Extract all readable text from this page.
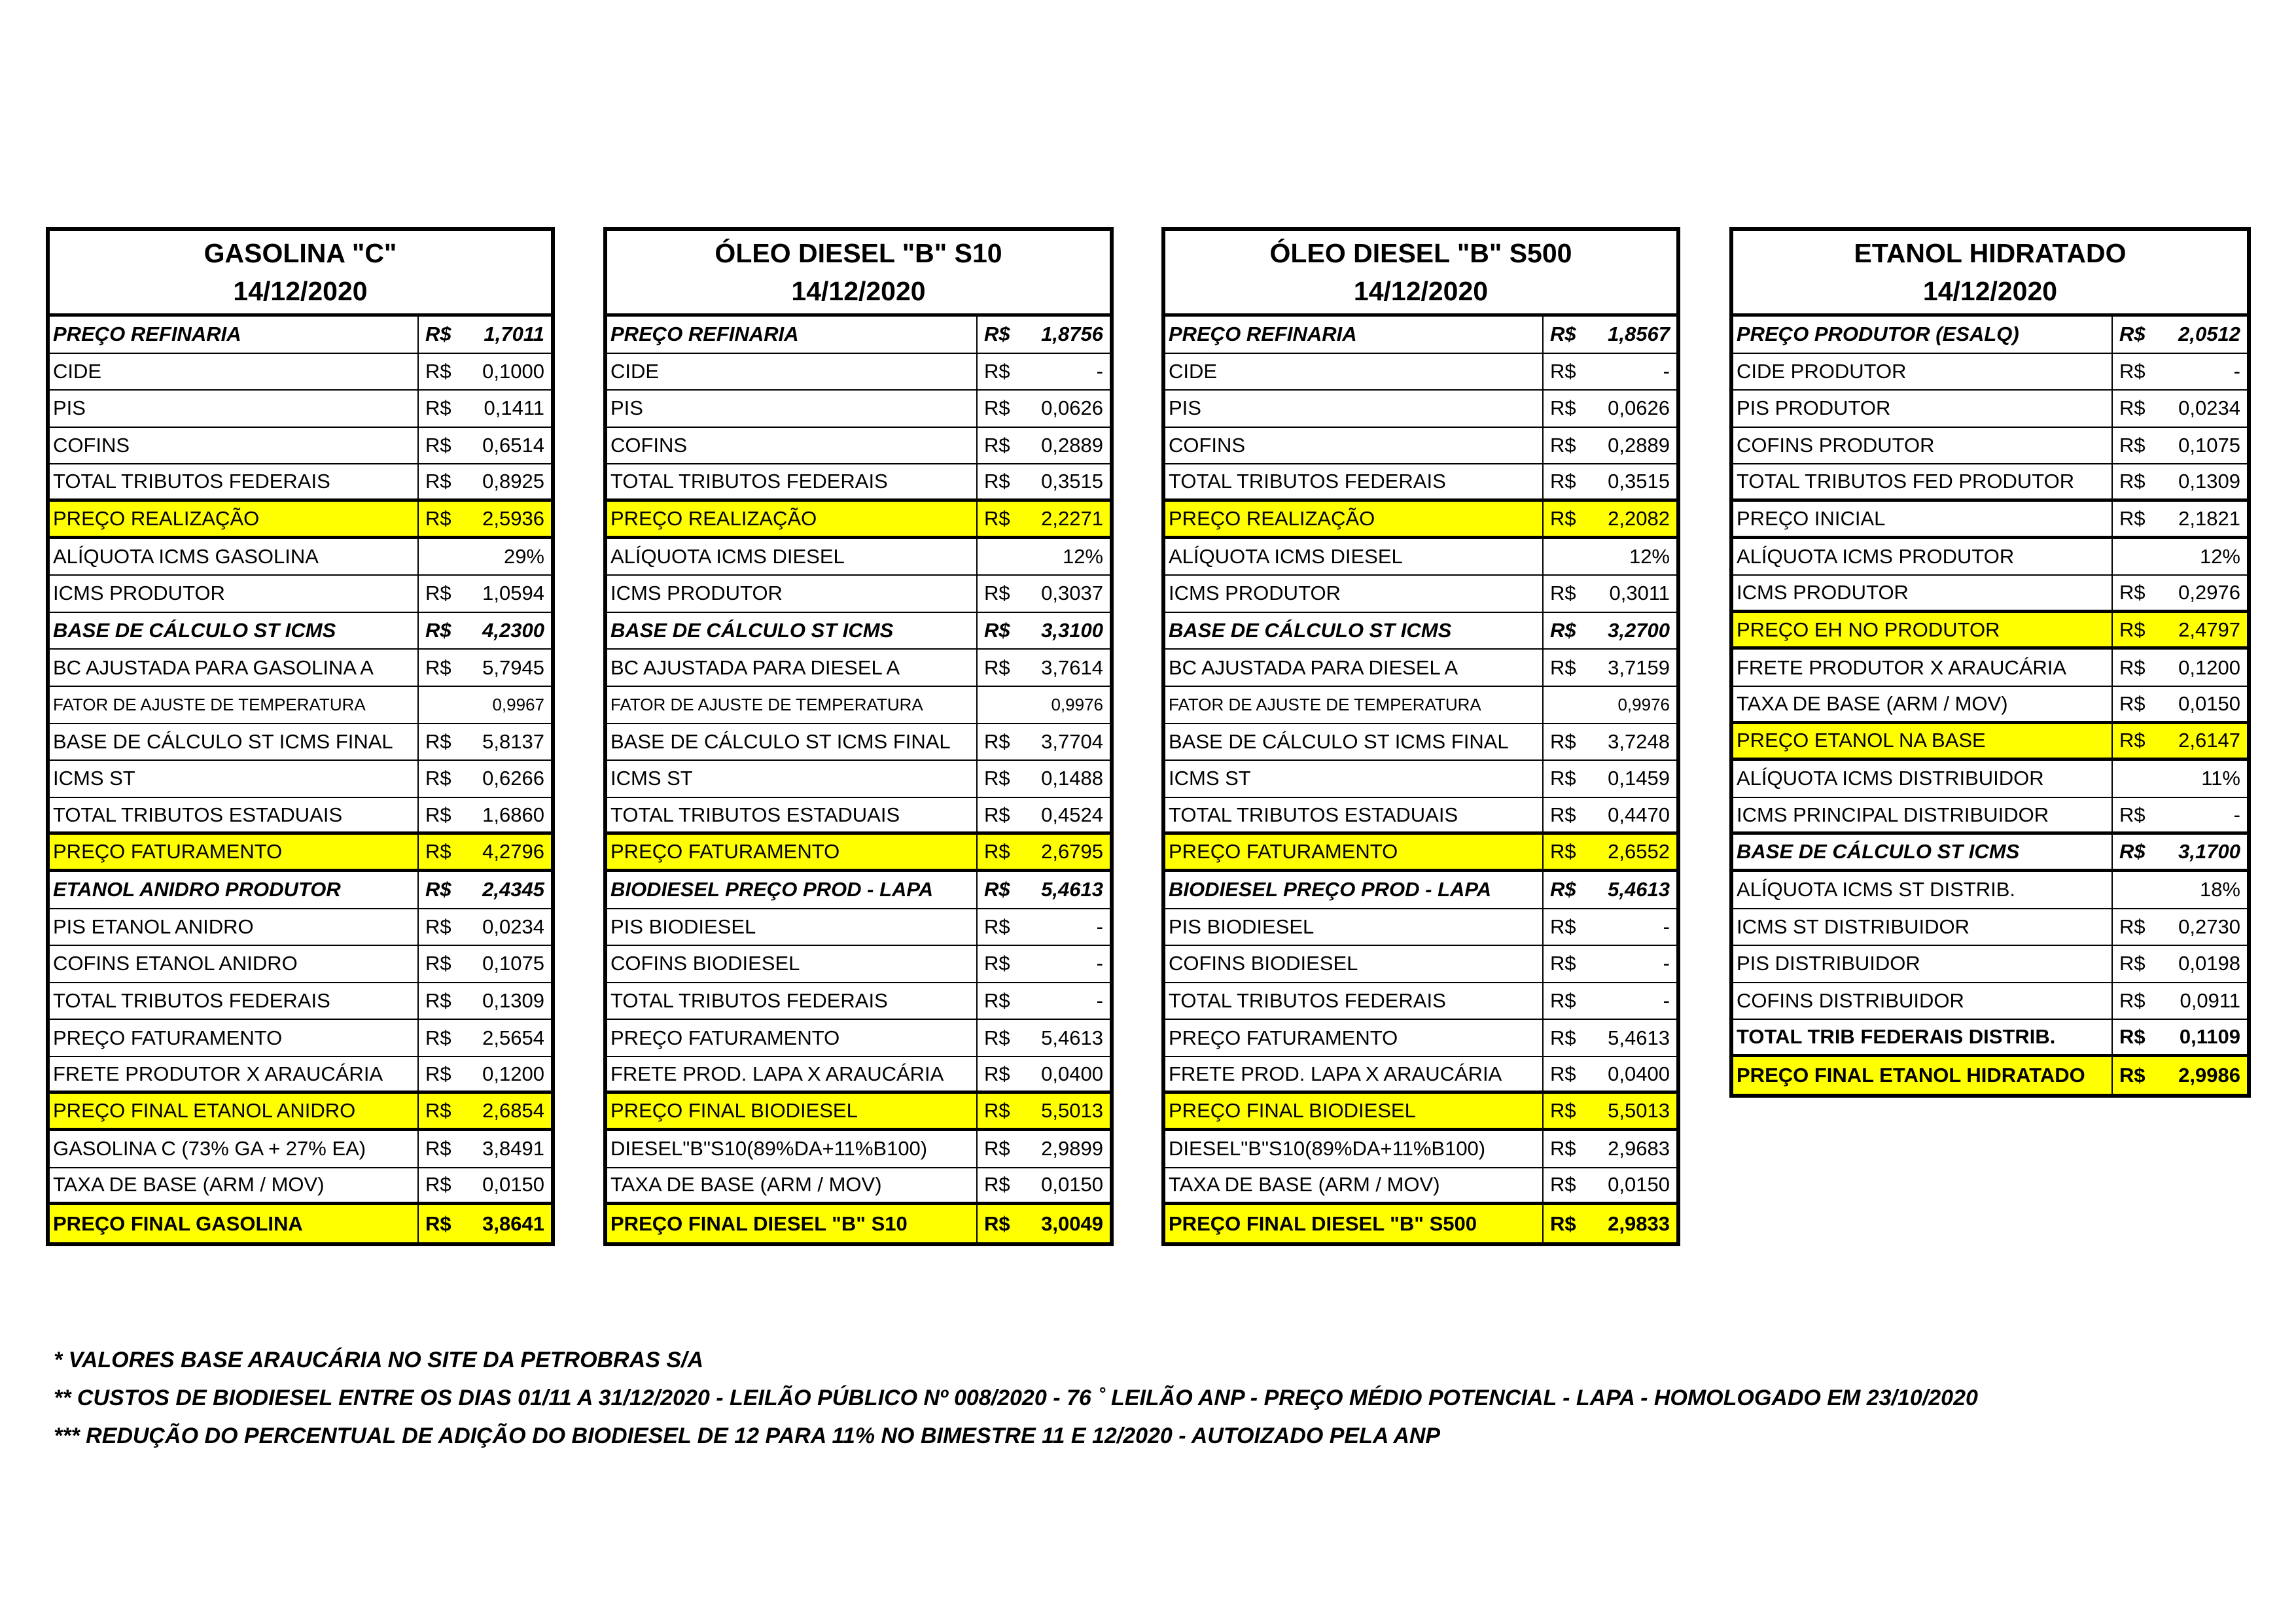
GASOLINA "C"
14/12/2020
PREÇO REFINARIA	R$	1,7011
CIDE	R$	0,1000
PIS	R$	0,1411
COFINS	R$	0,6514
TOTAL TRIBUTOS FEDERAIS	R$	0,8925
PREÇO REALIZAÇÃO	R$	2,5936
ALÍQUOTA ICMS GASOLINA	29%
ICMS PRODUTOR	R$	1,0594
BASE DE CÁLCULO ST ICMS	R$	4,2300
BC AJUSTADA PARA GASOLINA A	R$	5,7945
FATOR DE AJUSTE DE TEMPERATURA	0,9967
BASE DE CÁLCULO ST ICMS FINAL	R$	5,8137
ICMS ST	R$	0,6266
TOTAL TRIBUTOS ESTADUAIS	R$	1,6860
PREÇO FATURAMENTO	R$	4,2796
ETANOL ANIDRO PRODUTOR	R$	2,4345
PIS ETANOL ANIDRO	R$	0,0234
COFINS ETANOL ANIDRO	R$	0,1075
TOTAL TRIBUTOS FEDERAIS	R$	0,1309
PREÇO FATURAMENTO	R$	2,5654
FRETE PRODUTOR X ARAUCÁRIA	R$	0,1200
PREÇO FINAL ETANOL ANIDRO	R$	2,6854
GASOLINA C (73% GA + 27% EA)	R$	3,8491
TAXA DE BASE (ARM / MOV)	R$	0,0150
PREÇO FINAL GASOLINA	R$	3,8641
ÓLEO DIESEL "B" S10
14/12/2020
PREÇO REFINARIA	R$	1,8756
CIDE	R$	-
PIS	R$	0,0626
COFINS	R$	0,2889
TOTAL TRIBUTOS FEDERAIS	R$	0,3515
PREÇO REALIZAÇÃO	R$	2,2271
ALÍQUOTA ICMS DIESEL	12%
ICMS PRODUTOR	R$	0,3037
BASE DE CÁLCULO ST ICMS	R$	3,3100
BC AJUSTADA PARA DIESEL A	R$	3,7614
FATOR DE AJUSTE DE TEMPERATURA	0,9976
BASE DE CÁLCULO ST ICMS FINAL	R$	3,7704
ICMS ST	R$	0,1488
TOTAL TRIBUTOS ESTADUAIS	R$	0,4524
PREÇO FATURAMENTO	R$	2,6795
BIODIESEL PREÇO PROD - LAPA	R$	5,4613
PIS BIODIESEL	R$	-
COFINS BIODIESEL	R$	-
TOTAL TRIBUTOS FEDERAIS	R$	-
PREÇO FATURAMENTO	R$	5,4613
FRETE PROD. LAPA X ARAUCÁRIA	R$	0,0400
PREÇO FINAL BIODIESEL	R$	5,5013
DIESEL"B"S10(89%DA+11%B100)	R$	2,9899
TAXA DE BASE (ARM / MOV)	R$	0,0150
PREÇO FINAL DIESEL "B" S10	R$	3,0049
ÓLEO DIESEL "B" S500
14/12/2020
PREÇO REFINARIA	R$	1,8567
CIDE	R$	-
PIS	R$	0,0626
COFINS	R$	0,2889
TOTAL TRIBUTOS FEDERAIS	R$	0,3515
PREÇO REALIZAÇÃO	R$	2,2082
ALÍQUOTA ICMS DIESEL	12%
ICMS PRODUTOR	R$	0,3011
BASE DE CÁLCULO ST ICMS	R$	3,2700
BC AJUSTADA PARA DIESEL A	R$	3,7159
FATOR DE AJUSTE DE TEMPERATURA	0,9976
BASE DE CÁLCULO ST ICMS FINAL	R$	3,7248
ICMS ST	R$	0,1459
TOTAL TRIBUTOS ESTADUAIS	R$	0,4470
PREÇO FATURAMENTO	R$	2,6552
BIODIESEL PREÇO PROD - LAPA	R$	5,4613
PIS BIODIESEL	R$	-
COFINS BIODIESEL	R$	-
TOTAL TRIBUTOS FEDERAIS	R$	-
PREÇO FATURAMENTO	R$	5,4613
FRETE PROD. LAPA X ARAUCÁRIA	R$	0,0400
PREÇO FINAL BIODIESEL	R$	5,5013
DIESEL"B"S10(89%DA+11%B100)	R$	2,9683
TAXA DE BASE (ARM / MOV)	R$	0,0150
PREÇO FINAL DIESEL "B" S500	R$	2,9833
ETANOL HIDRATADO
14/12/2020
PREÇO PRODUTOR (ESALQ)	R$	2,0512
CIDE PRODUTOR	R$	-
PIS PRODUTOR	R$	0,0234
COFINS PRODUTOR	R$	0,1075
TOTAL TRIBUTOS FED PRODUTOR	R$	0,1309
PREÇO INICIAL	R$	2,1821
ALÍQUOTA ICMS PRODUTOR	12%
ICMS PRODUTOR	R$	0,2976
PREÇO EH NO PRODUTOR	R$	2,4797
FRETE PRODUTOR X ARAUCÁRIA	R$	0,1200
TAXA DE BASE (ARM / MOV)	R$	0,0150
PREÇO ETANOL NA BASE	R$	2,6147
ALÍQUOTA ICMS DISTRIBUIDOR	11%
ICMS PRINCIPAL DISTRIBUIDOR	R$	-
BASE DE CÁLCULO ST ICMS	R$	3,1700
ALÍQUOTA ICMS ST DISTRIB.	18%
ICMS ST DISTRIBUIDOR	R$	0,2730
PIS DISTRIBUIDOR	R$	0,0198
COFINS DISTRIBUIDOR	R$	0,0911
TOTAL TRIB FEDERAIS DISTRIB.	R$	0,1109
PREÇO FINAL ETANOL HIDRATADO	R$	2,9986
* VALORES BASE ARAUCÁRIA NO SITE DA PETROBRAS S/A
** CUSTOS DE BIODIESEL ENTRE OS DIAS 01/11 A 31/12/2020 - LEILÃO PÚBLICO Nº 008/2020 - 76 ˚ LEILÃO ANP - PREÇO MÉDIO POTENCIAL - LAPA - HOMOLOGADO EM 23/10/2020
*** REDUÇÃO DO PERCENTUAL DE ADIÇÃO DO BIODIESEL DE 12 PARA 11% NO BIMESTRE 11 E 12/2020 - AUTOIZADO PELA ANP
